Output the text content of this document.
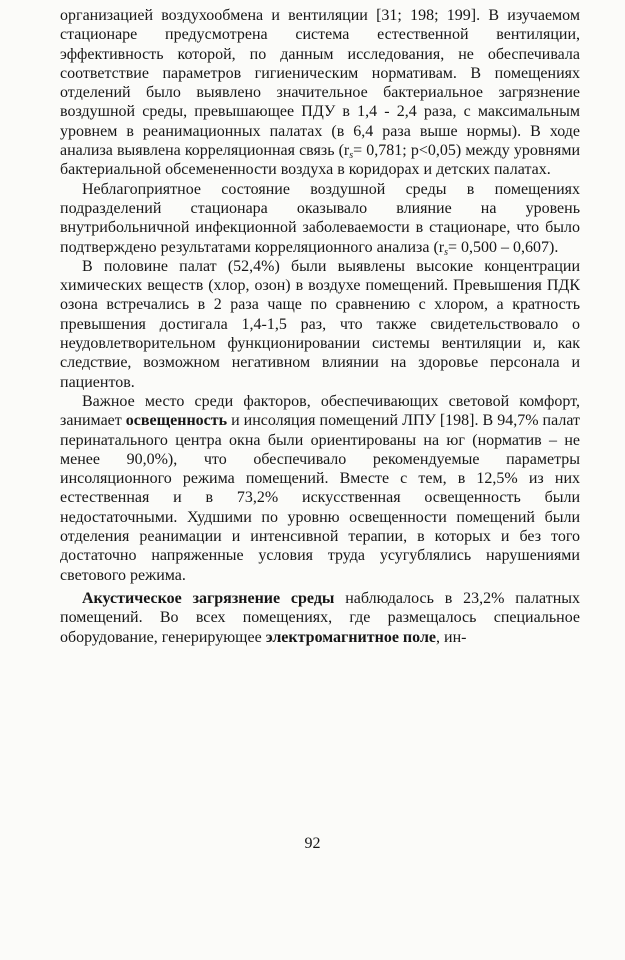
организацией воздухообмена и вентиляции [31; 198; 199]. В изучаемом стационаре предусмотрена система естественной вентиляции, эффективность которой, по данным исследования, не обеспечивала соответствие параметров гигиеническим нормативам. В помещениях отделений было выявлено значительное бактериальное загрязнение воздушной среды, превышающее ПДУ в 1,4 - 2,4 раза, с максимальным уровнем в реанимационных палатах (в 6,4 раза выше нормы). В ходе анализа выявлена корреляционная связь ($r_s= 0,781$; р<0,05) между уровнями бактериальной обсемененности воздуха в коридорах и детских палатах.

Неблагоприятное состояние воздушной среды в помещениях подразделений стационара оказывало влияние на уровень внутрибольничной инфекционной заболеваемости в стационаре, что было подтверждено результатами корреляционного анализа $(r_s= 0,500 - 0,607)$.

В половине палат (52,4%) были выявлены высокие концентрации химических веществ (хлор, озон) в воздухе помещений. Превышения ПДК озона встречались в 2 раза чаще по сравнению с хлором, а кратность превышения достигала 1,4-1,5 раз, что также свидетельствовало о неудовлетворительном функционировании системы вентиляции и, как следствие, возможном негативном влиянии на здоровье персонала и пациентов.

Важное место среди факторов, обеспечивающих световой комфорт, занимает освещенность и инсоляция помещений ЛПУ [198]. В 94,7% палат перинатального центра окна были ориентированы на юг (норматив – не менее 90,0%), что обеспечивало рекомендуемые параметры инсоляционного режима помещений. Вместе с тем, в 12,5% из них естественная и в 73,2% искусственная освещенность были недостаточными. Худшими по уровню освещенности помещений были отделения реанимации и интенсивной терапии, в которых и без того достаточно напряженные условия труда усугублялись нарушениями светового режима.

Акустическое загрязнение среды наблюдалось в 23,2% палатных помещений. Во всех помещениях, где размещалось специальное оборудование, генерирующее электромагнитное поле, ин-

92
